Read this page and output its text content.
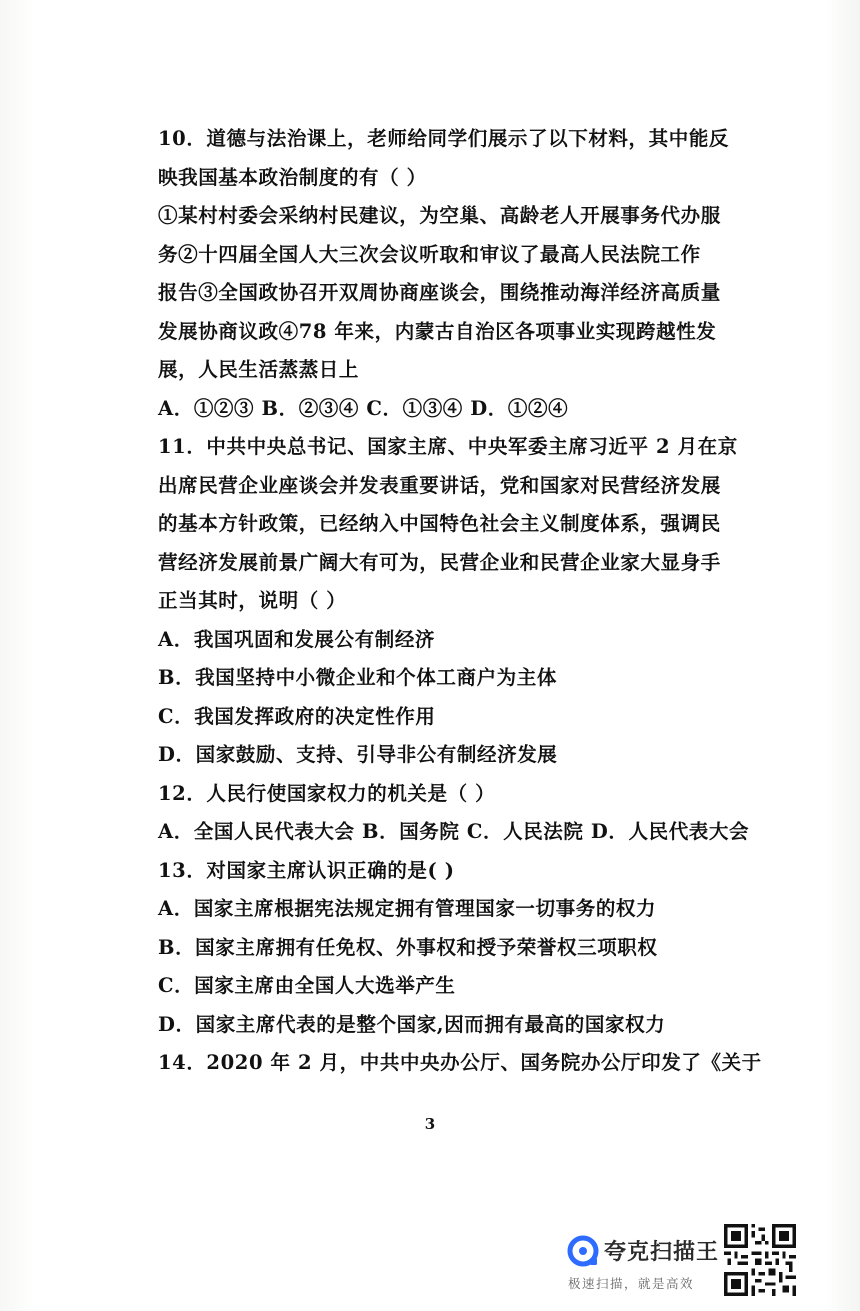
10．道德与法治课上，老师给同学们展示了以下材料，其中能反
映我国基本政治制度的有（ ）
①某村村委会采纳村民建议，为空巢、高龄老人开展事务代办服
务②十四届全国人大三次会议听取和审议了最高人民法院工作
报告③全国政协召开双周协商座谈会，围绕推动海洋经济高质量
发展协商议政④78 年来，内蒙古自治区各项事业实现跨越性发
展，人民生活蒸蒸日上
A．①②③ B．②③④ C．①③④ D．①②④
11．中共中央总书记、国家主席、中央军委主席习近平 2 月在京
出席民营企业座谈会并发表重要讲话，党和国家对民营经济发展
的基本方针政策，已经纳入中国特色社会主义制度体系，强调民
营经济发展前景广阔大有可为，民营企业和民营企业家大显身手
正当其时，说明（ ）
A．我国巩固和发展公有制经济
B．我国坚持中小微企业和个体工商户为主体
C．我国发挥政府的决定性作用
D．国家鼓励、支持、引导非公有制经济发展
12．人民行使国家权力的机关是（ ）
A．全国人民代表大会 B．国务院 C．人民法院 D．人民代表大会
13．对国家主席认识正确的是( )
A．国家主席根据宪法规定拥有管理国家一切事务的权力
B．国家主席拥有任免权、外事权和授予荣誉权三项职权
C．国家主席由全国人大选举产生
D．国家主席代表的是整个国家,因而拥有最高的国家权力
14．2020 年 2 月，中共中央办公厅、国务院办公厅印发了《关于
3
夸克扫描王
极速扫描，就是高效
